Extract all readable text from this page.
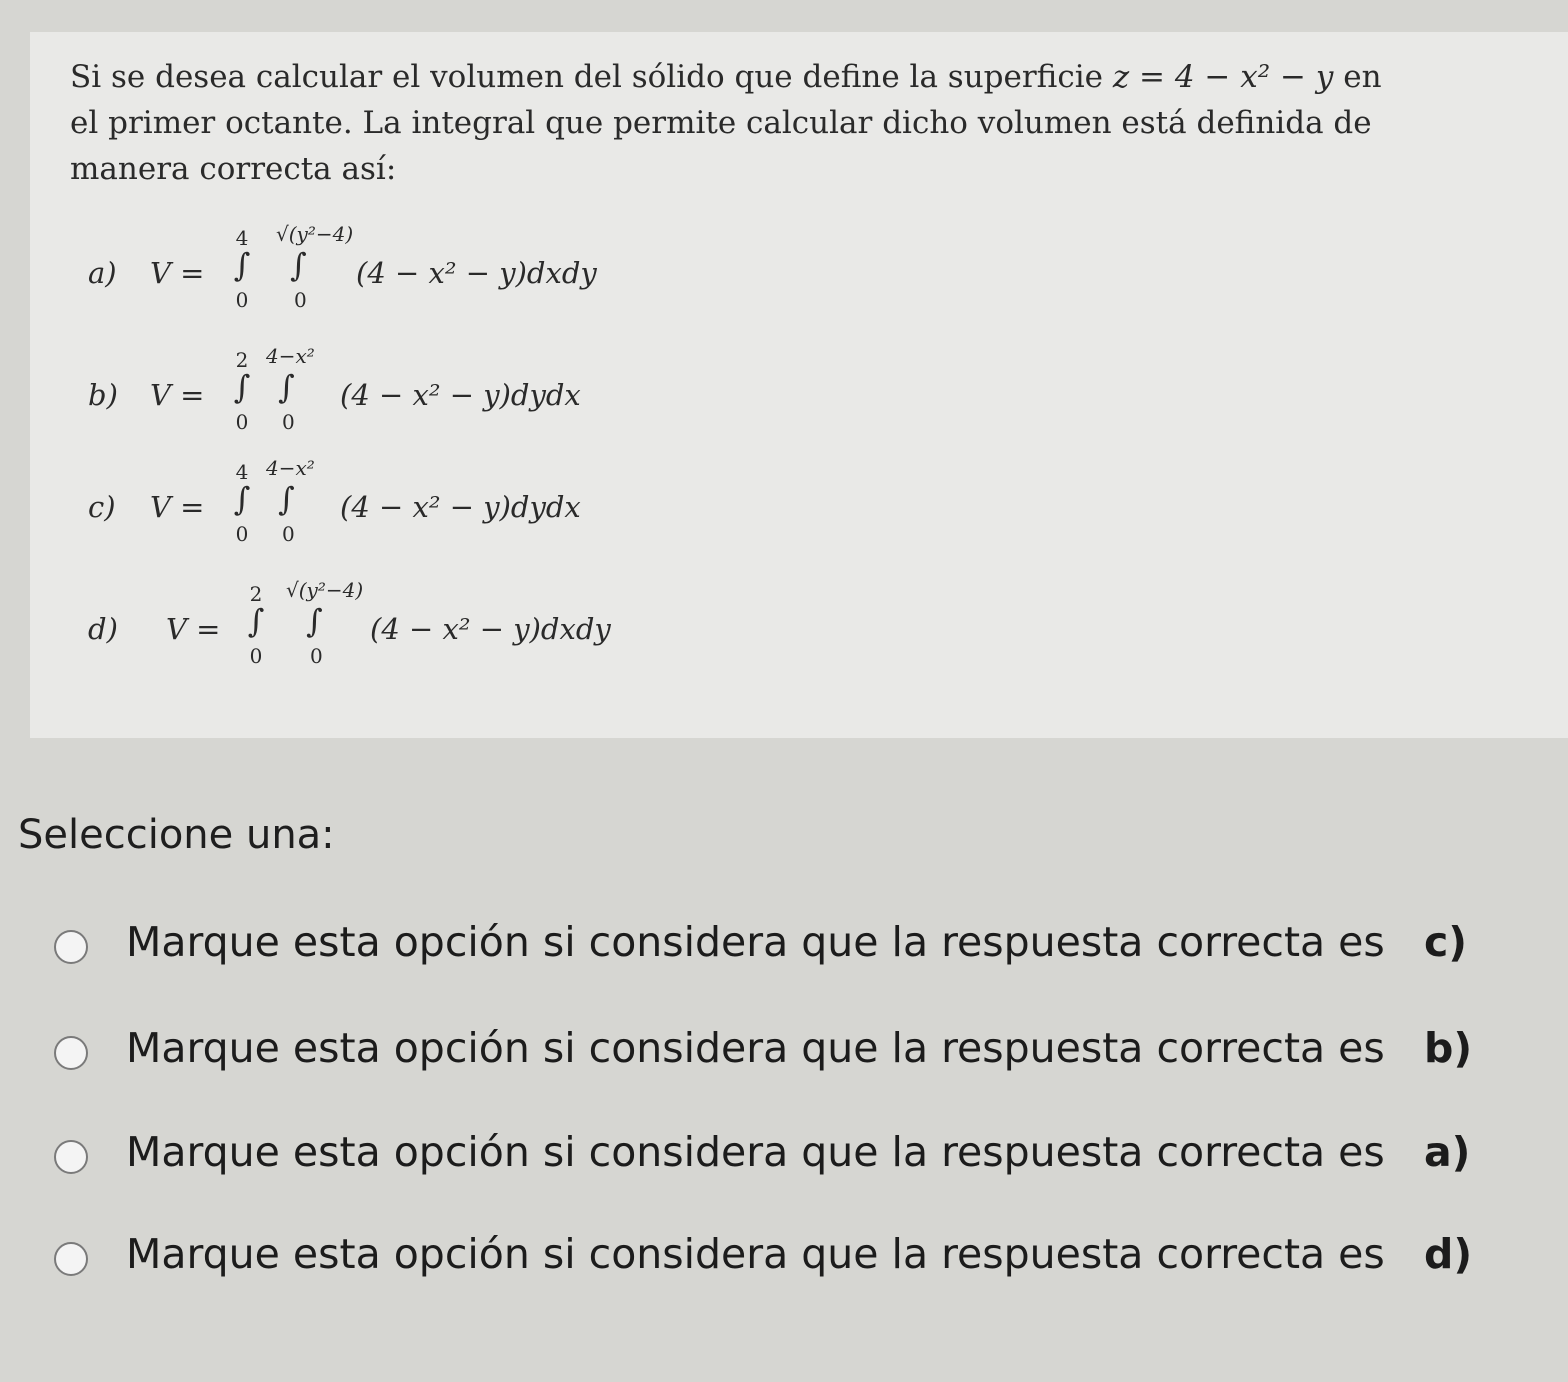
Si se desea calcular el volumen del sólido que define la superficie z = 4 − x² − y en
el primer octante. La integral que permite calcular dicho volumen está definida de
manera correcta así:
a) V =
4
∫
0
√(y²−4)
∫
0
(4 − x² − y)dxdy
b) V =
2
∫
0
4−x²
∫
0
(4 − x² − y)dydx
c) V =
4
∫
0
4−x²
∫
0
(4 − x² − y)dydx
d) V =
2
∫
0
√(y²−4)
∫
0
(4 − x² − y)dxdy
Seleccione una:
Marque esta opción si considera que la respuesta correcta es c)
Marque esta opción si considera que la respuesta correcta es b)
Marque esta opción si considera que la respuesta correcta es a)
Marque esta opción si considera que la respuesta correcta es d)
